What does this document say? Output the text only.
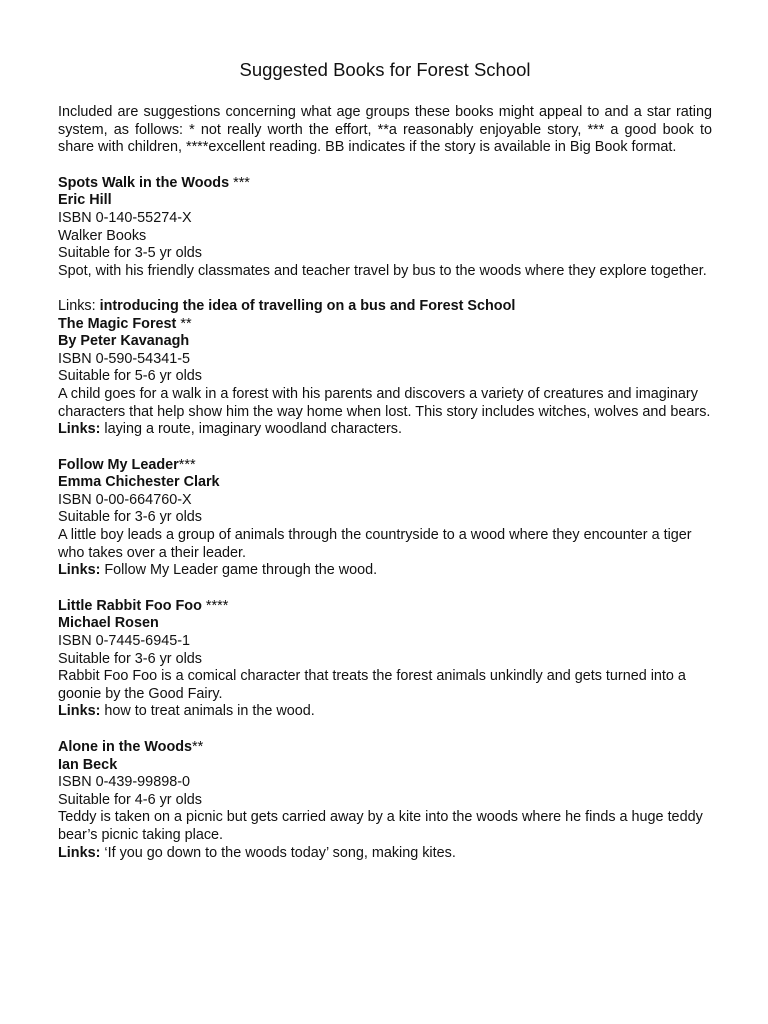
Suggested Books for Forest School

Included are suggestions concerning what age groups these books might appeal to and a star rating system, as follows: * not really worth the effort, **a reasonably enjoyable story, *** a good book to share with children, ****excellent reading. BB indicates if the story is available in Big Book format.

Spots Walk in the Woods ***
Eric Hill
ISBN 0-140-55274-X
Walker Books
Suitable for 3-5 yr olds
Spot, with his friendly classmates and teacher travel by bus to the woods where they explore together.
Links: introducing the idea of travelling on a bus and Forest School
The Magic Forest **
By Peter Kavanagh
ISBN 0-590-54341-5
Suitable for 5-6 yr olds
A child goes for a walk in a forest with his parents and discovers a variety of creatures and imaginary characters that help show him the way home when lost. This story includes witches, wolves and bears.
Links: laying a route, imaginary woodland characters.
Follow My Leader***
Emma Chichester Clark
ISBN 0-00-664760-X
Suitable for 3-6 yr olds
A little boy leads a group of animals through the countryside to a wood where they encounter a tiger who takes over a their leader.
Links: Follow My Leader game through the wood.
Little Rabbit Foo Foo ****
Michael Rosen
ISBN 0-7445-6945-1
Suitable for 3-6 yr olds
Rabbit Foo Foo is a comical character that treats the forest animals unkindly and gets turned into a goonie by the Good Fairy.
Links: how to treat animals in the wood.
Alone in the Woods**
Ian Beck
ISBN 0-439-99898-0
Suitable for 4-6 yr olds
Teddy is taken on a picnic but gets carried away by a kite into the woods where he finds a huge teddy bear’s picnic taking place.
Links: ‘If you go down to the woods today’ song, making kites.
